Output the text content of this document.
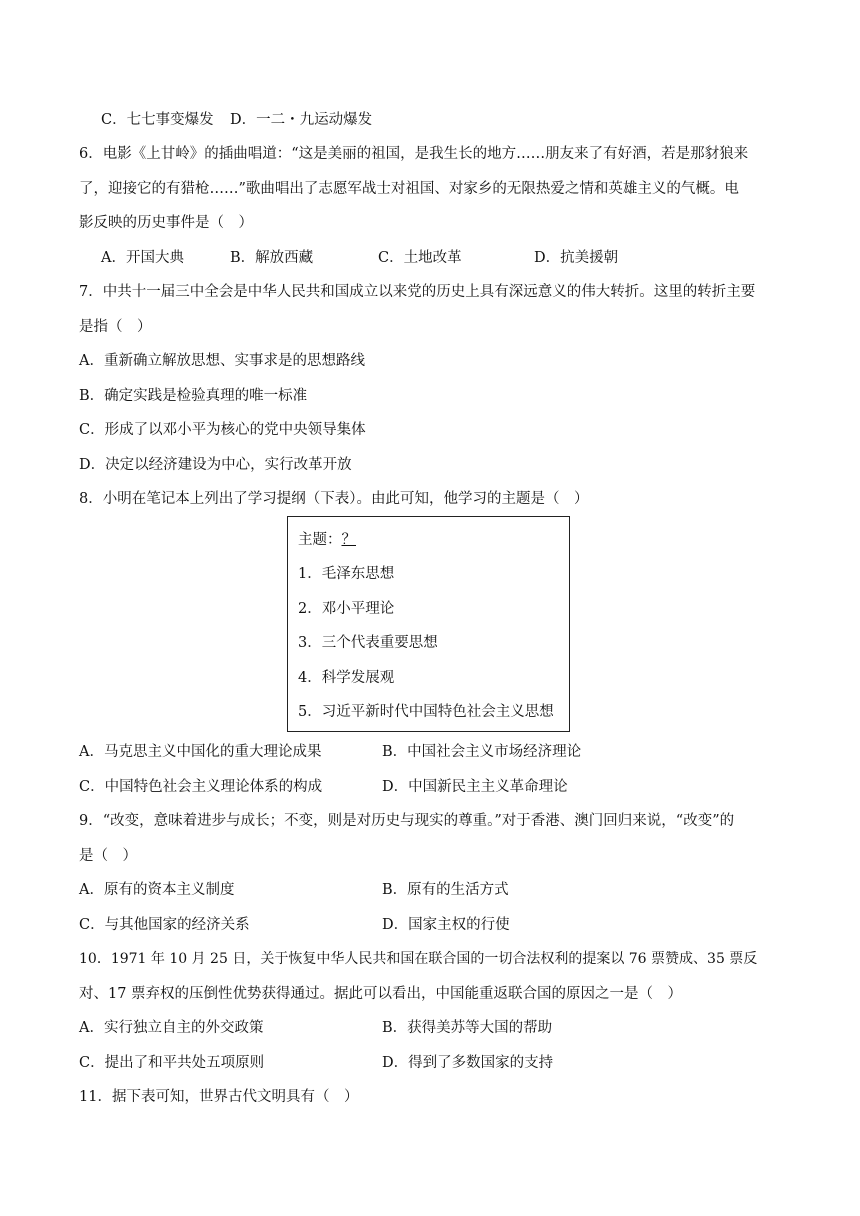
C．七七事变爆发 D．一二・九运动爆发
6．电影《上甘岭》的插曲唱道：“这是美丽的祖国，是我生长的地方……朋友来了有好酒，若是那豺狼来
了，迎接它的有猎枪……”歌曲唱出了志愿军战士对祖国、对家乡的无限热爱之情和英雄主义的气概。电
影反映的历史事件是（　）
A．开国大典	B．解放西藏	C．土地改革	D．抗美援朝
7．中共十一届三中全会是中华人民共和国成立以来党的历史上具有深远意义的伟大转折。这里的转折主要
是指（　）
A．重新确立解放思想、实事求是的思想路线
B．确定实践是检验真理的唯一标准
C．形成了以邓小平为核心的党中央领导集体
D．决定以经济建设为中心，实行改革开放
8．小明在笔记本上列出了学习提纲（下表）。由此可知，他学习的主题是（　）
主题：？
1．毛泽东思想
2．邓小平理论
3．三个代表重要思想
4．科学发展观
5．习近平新时代中国特色社会主义思想
A．马克思主义中国化的重大理论成果	B．中国社会主义市场经济理论
C．中国特色社会主义理论体系的构成	D．中国新民主主义革命理论
9．“改变，意味着进步与成长；不变，则是对历史与现实的尊重。”对于香港、澳门回归来说，“改变”的
是（　）
A．原有的资本主义制度	B．原有的生活方式
C．与其他国家的经济关系	D．国家主权的行使
10．1971 年 10 月 25 日，关于恢复中华人民共和国在联合国的一切合法权利的提案以 76 票赞成、35 票反
对、17 票弃权的压倒性优势获得通过。据此可以看出，中国能重返联合国的原因之一是（　）
A．实行独立自主的外交政策	B．获得美苏等大国的帮助
C．提出了和平共处五项原则	D．得到了多数国家的支持
11．据下表可知，世界古代文明具有（　）
